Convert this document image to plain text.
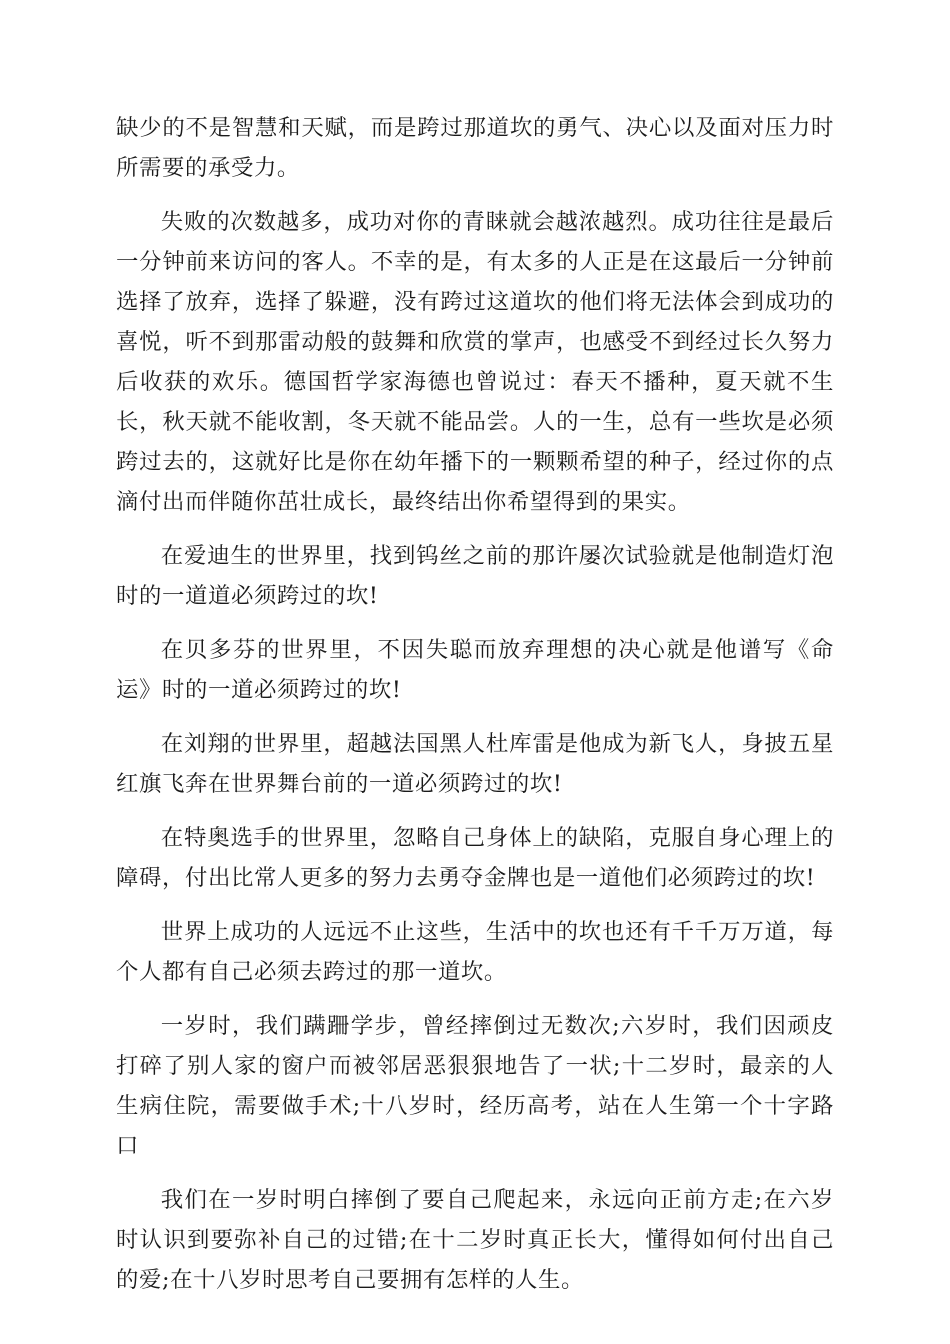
缺少的不是智慧和天赋，而是跨过那道坎的勇气、决心以及面对压力时所需要的承受力。

失败的次数越多，成功对你的青睐就会越浓越烈。成功往往是最后一分钟前来访问的客人。不幸的是，有太多的人正是在这最后一分钟前选择了放弃，选择了躲避，没有跨过这道坎的他们将无法体会到成功的喜悦，听不到那雷动般的鼓舞和欣赏的掌声，也感受不到经过长久努力后收获的欢乐。德国哲学家海德也曾说过：春天不播种，夏天就不生长，秋天就不能收割，冬天就不能品尝。人的一生，总有一些坎是必须跨过去的，这就好比是你在幼年播下的一颗颗希望的种子，经过你的点滴付出而伴随你茁壮成长，最终结出你希望得到的果实。

在爱迪生的世界里，找到钨丝之前的那许屡次试验就是他制造灯泡时的一道道必须跨过的坎!

在贝多芬的世界里，不因失聪而放弃理想的决心就是他谱写《命运》时的一道必须跨过的坎!

在刘翔的世界里，超越法国黑人杜库雷是他成为新飞人，身披五星红旗飞奔在世界舞台前的一道必须跨过的坎!

在特奥选手的世界里，忽略自己身体上的缺陷，克服自身心理上的障碍，付出比常人更多的努力去勇夺金牌也是一道他们必须跨过的坎!

世界上成功的人远远不止这些，生活中的坎也还有千千万万道，每个人都有自己必须去跨过的那一道坎。

一岁时，我们蹒跚学步，曾经摔倒过无数次;六岁时，我们因顽皮打碎了别人家的窗户而被邻居恶狠狠地告了一状;十二岁时，最亲的人生病住院，需要做手术;十八岁时，经历高考，站在人生第一个十字路口

我们在一岁时明白摔倒了要自己爬起来，永远向正前方走;在六岁时认识到要弥补自己的过错;在十二岁时真正长大，懂得如何付出自己的爱;在十八岁时思考自己要拥有怎样的人生。
